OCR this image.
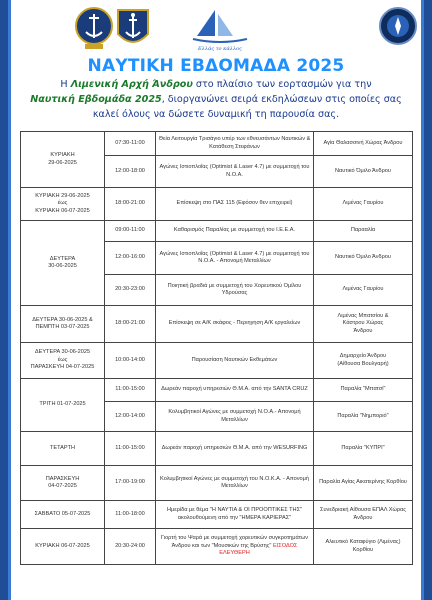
Ελλάς το κάλλος
ΝΑΥΤΙΚΗ ΕΒΔΟΜΑΔΑ 2025
Η Λιμενική Αρχή Άνδρου στο πλαίσιο των εορτασμών για την
Ναυτική Εβδομάδα 2025, διοργανώνει σειρά εκδηλώσεων στις οποίες σας
καλεί όλους να δώσετε δυναμική τη παρουσία σας.
ΚΥΡΙΑΚΗ
29-06-2025	07:30-11:00	Θεία Λειτουργία Τρισάγιο υπέρ των εθνευσάντων Ναυτικών & Κατάθεση Στεφάνων	Αγία Θαλασσινή Χώρας Άνδρου
	12:00-18:00	Αγώνες Ιστιοπλοΐας (Optimist & Laser 4.7) με συμμετοχή του Ν.Ο.Α.	Ναυτικό Όμιλο Άνδρου
ΚΥΡΙΑΚΗ 29-06-2025
έως
ΚΥΡΙΑΚΗ 06-07-2025	18:00-21:00	Επίσκεψη στο ΠΑΣ 115 (Εφόσον θεν επιχειρεί)	Λιμένας Γαυρίου
ΔΕΥΤΕΡΑ
30-06-2025	09:00-11:00	Καθαρισμός Παραλίας με συμμετοχή του Ι.Ε.Ε.Α.	Παρααλία
	12:00-16:00	Αγώνες Ιστιοπλοΐας (Optimist & Laser 4.7) με συμμετοχή του Ν.Ο.Α. - Απονομή Μεταλλίων	Ναυτικό Όμιλο Άνδρου
	20:30-23:00	Ποιητική βραδιά με συμμετοχή του Χορευτικού Ομίλου Υδρούσας	Λιμένας Γαυρίου
ΔΕΥΤΕΡΑ 30-06-2025 &
ΠΕΜΠΤΗ 03-07-2025	18:00-21:00	Επίσκεψη σε Α/Κ σκάφος - Περιηγηση Α/Κ εργαλείων	Λιμένας Μπατσίου &
Κάστρου Χώρας
Άνδρου
ΔΕΥΤΕΡΑ 30-06-2025
έως
ΠΑΡΑΣΚΕΥΗ 04-07-2025	10:00-14:00	Παρουσίαση Ναυτικών Εκθεμάτων	Δημαρχείο Άνδρου
(Αίθουσα Βουλγαρή)
ΤΡΙΤΗ 01-07-2025	11:00-15:00	Δωρεάν παροχή υπηρεσιών Θ.Μ.Α. από την SANTA CRUZ	Παραλία "Μπατσί"
	12:00-14:00	Κολυμβητικοί Αγώνες με συμμετοχή Ν.Ο.Α.- Απονομή Μεταλλίων	Παραλία "Νημποριό"
ΤΕΤΑΡΤΗ	11:00-15:00	Δωρεάν παροχή υπηρεσιών Θ.Μ.Α. από την WESURFING	Παραλία "ΚΥΠΡΙ"
ΠΑΡΑΣΚΕΥΗ
04-07-2025	17:00-19:00	Κολυμβητικοί Αγώνες με συμμετοχή του Ν.Ο.Κ.Α. - Απονομή Μεταλλίων	Παραλία Αγίας Αικατερίνης Κορθίου
ΣΑΒΒΑΤΟ 05-07-2025	11:00-18:00	Ημερίδα με θέμα "Η ΝΑΥΤΙΑ & ΟΙ ΠΡΟΟΠΤΙΚΕΣ ΤΗΣ" ακολουθούμενη από την "ΗΜΕΡΑ ΚΑΡΙΕΡΑΣ"	Συνεδριακή Αίθουσα ΕΠΑΛ Χώρας Άνδρου
ΚΥΡΙΑΚΗ 06-07-2025	20:30-24:00	Γιορτή του Ψαρά με συμμετοχή χορευτικών συγκροτημάτων Άνδρου και των "Μουσικών της Βρύσης" ΕΙΣΟΔΟΣ ΕΛΕΥΘΕΡΗ	Αλιευτικό Καταφύγιο (Λιμένας) Κορθίου
